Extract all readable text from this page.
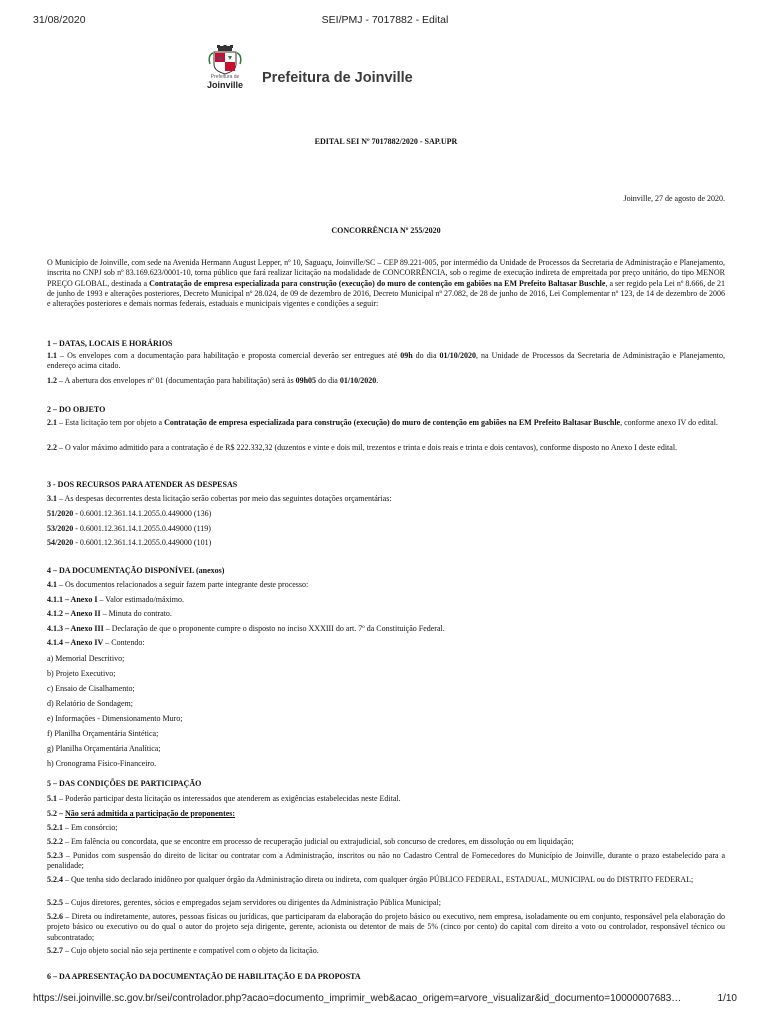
31/08/2020	SEI/PMJ - 7017882 - Edital
Prefeitura de
Joinville Prefeitura de Joinville
EDITAL SEI Nº 7017882/2020 - SAP.UPR
Joinville, 27 de agosto de 2020.
CONCORRÊNCIA Nº 255/2020
O Município de Joinville, com sede na Avenida Hermann August Lepper, nº 10, Saguaçu, Joinville/SC – CEP 89.221-005, por intermédio da Unidade de Processos da Secretaria de Administração e Planejamento, inscrita no CNPJ sob nº 83.169.623/0001-10, torna público que fará realizar licitação na modalidade de CONCORRÊNCIA, sob o regime de execução indireta de empreitada por preço unitário, do tipo MENOR PREÇO GLOBAL, destinada a Contratação de empresa especializada para construção (execução) do muro de contenção em gabiões na EM Prefeito Baltasar Buschle, a ser regido pela Lei nº 8.666, de 21 de junho de 1993 e alterações posteriores, Decreto Municipal nº 28.024, de 09 de dezembro de 2016, Decreto Municipal nº 27.082, de 28 de junho de 2016, Lei Complementar nº 123, de 14 de dezembro de 2006 e alterações posteriores e demais normas federais, estaduais e municipais vigentes e condições a seguir:
1 – DATAS, LOCAIS E HORÁRIOS
1.1 – Os envelopes com a documentação para habilitação e proposta comercial deverão ser entregues até 09h do dia 01/10/2020, na Unidade de Processos da Secretaria de Administração e Planejamento, endereço acima citado.
1.2 – A abertura dos envelopes nº 01 (documentação para habilitação) será às 09h05 do dia 01/10/2020.
2 – DO OBJETO
2.1 – Esta licitação tem por objeto a Contratação de empresa especializada para construção (execução) do muro de contenção em gabiões na EM Prefeito Baltasar Buschle, conforme anexo IV do edital.
2.2 – O valor máximo admitido para a contratação é de R$ 222.332,32 (duzentos e vinte e dois mil, trezentos e trinta e dois reais e trinta e dois centavos), conforme disposto no Anexo I deste edital.
3 - DOS RECURSOS PARA ATENDER AS DESPESAS
3.1 – As despesas decorrentes desta licitação serão cobertas por meio das seguintes dotações orçamentárias:
51/2020 - 0.6001.12.361.14.1.2055.0.449000 (136)
53/2020 - 0.6001.12.361.14.1.2055.0.449000 (119)
54/2020 - 0.6001.12.361.14.1.2055.0.449000 (101)
4 – DA DOCUMENTAÇÃO DISPONÍVEL (anexos)
4.1 – Os documentos relacionados a seguir fazem parte integrante deste processo:
4.1.1 – Anexo I – Valor estimado/máximo.
4.1.2 – Anexo II – Minuta do contrato.
4.1.3 – Anexo III – Declaração de que o proponente cumpre o disposto no inciso XXXIII do art. 7º da Constituição Federal.
4.1.4 – Anexo IV – Contendo:
a) Memorial Descritivo;
b) Projeto Executivo;
c) Ensaio de Cisalhamento;
d) Relatório de Sondagem;
e) Informações - Dimensionamento Muro;
f) Planilha Orçamentária Sintética;
g) Planilha Orçamentária Analítica;
h) Cronograma Físico-Financeiro.
5 – DAS CONDIÇÕES DE PARTICIPAÇÃO
5.1 – Poderão participar desta licitação os interessados que atenderem as exigências estabelecidas neste Edital.
5.2 – Não será admitida a participação de proponentes:
5.2.1 – Em consórcio;
5.2.2 – Em falência ou concordata, que se encontre em processo de recuperação judicial ou extrajudicial, sob concurso de credores, em dissolução ou em liquidação;
5.2.3 – Punidos com suspensão do direito de licitar ou contratar com a Administração, inscritos ou não no Cadastro Central de Fornecedores do Município de Joinville, durante o prazo estabelecido para a penalidade;
5.2.4 – Que tenha sido declarado inidôneo por qualquer órgão da Administração direta ou indireta, com qualquer órgão PÚBLICO FEDERAL, ESTADUAL, MUNICIPAL ou do DISTRITO FEDERAL;
5.2.5 – Cujos diretores, gerentes, sócios e empregados sejam servidores ou dirigentes da Administração Pública Municipal;
5.2.6 – Direta ou indiretamente, autores, pessoas físicas ou jurídicas, que participaram da elaboração do projeto básico ou executivo, nem empresa, isoladamente ou em conjunto, responsável pela elaboração do projeto básico ou executivo ou do qual o autor do projeto seja dirigente, gerente, acionista ou detentor de mais de 5% (cinco por cento) do capital com direito a voto ou controlador, responsável técnico ou subcontratado;
5.2.7 – Cujo objeto social não seja pertinente e compatível com o objeto da licitação.
6 – DA APRESENTAÇÃO DA DOCUMENTAÇÃO DE HABILITAÇÃO E DA PROPOSTA
https://sei.joinville.sc.gov.br/sei/controlador.php?acao=documento_imprimir_web&acao_origem=arvore_visualizar&id_documento=10000007683…	1/10
